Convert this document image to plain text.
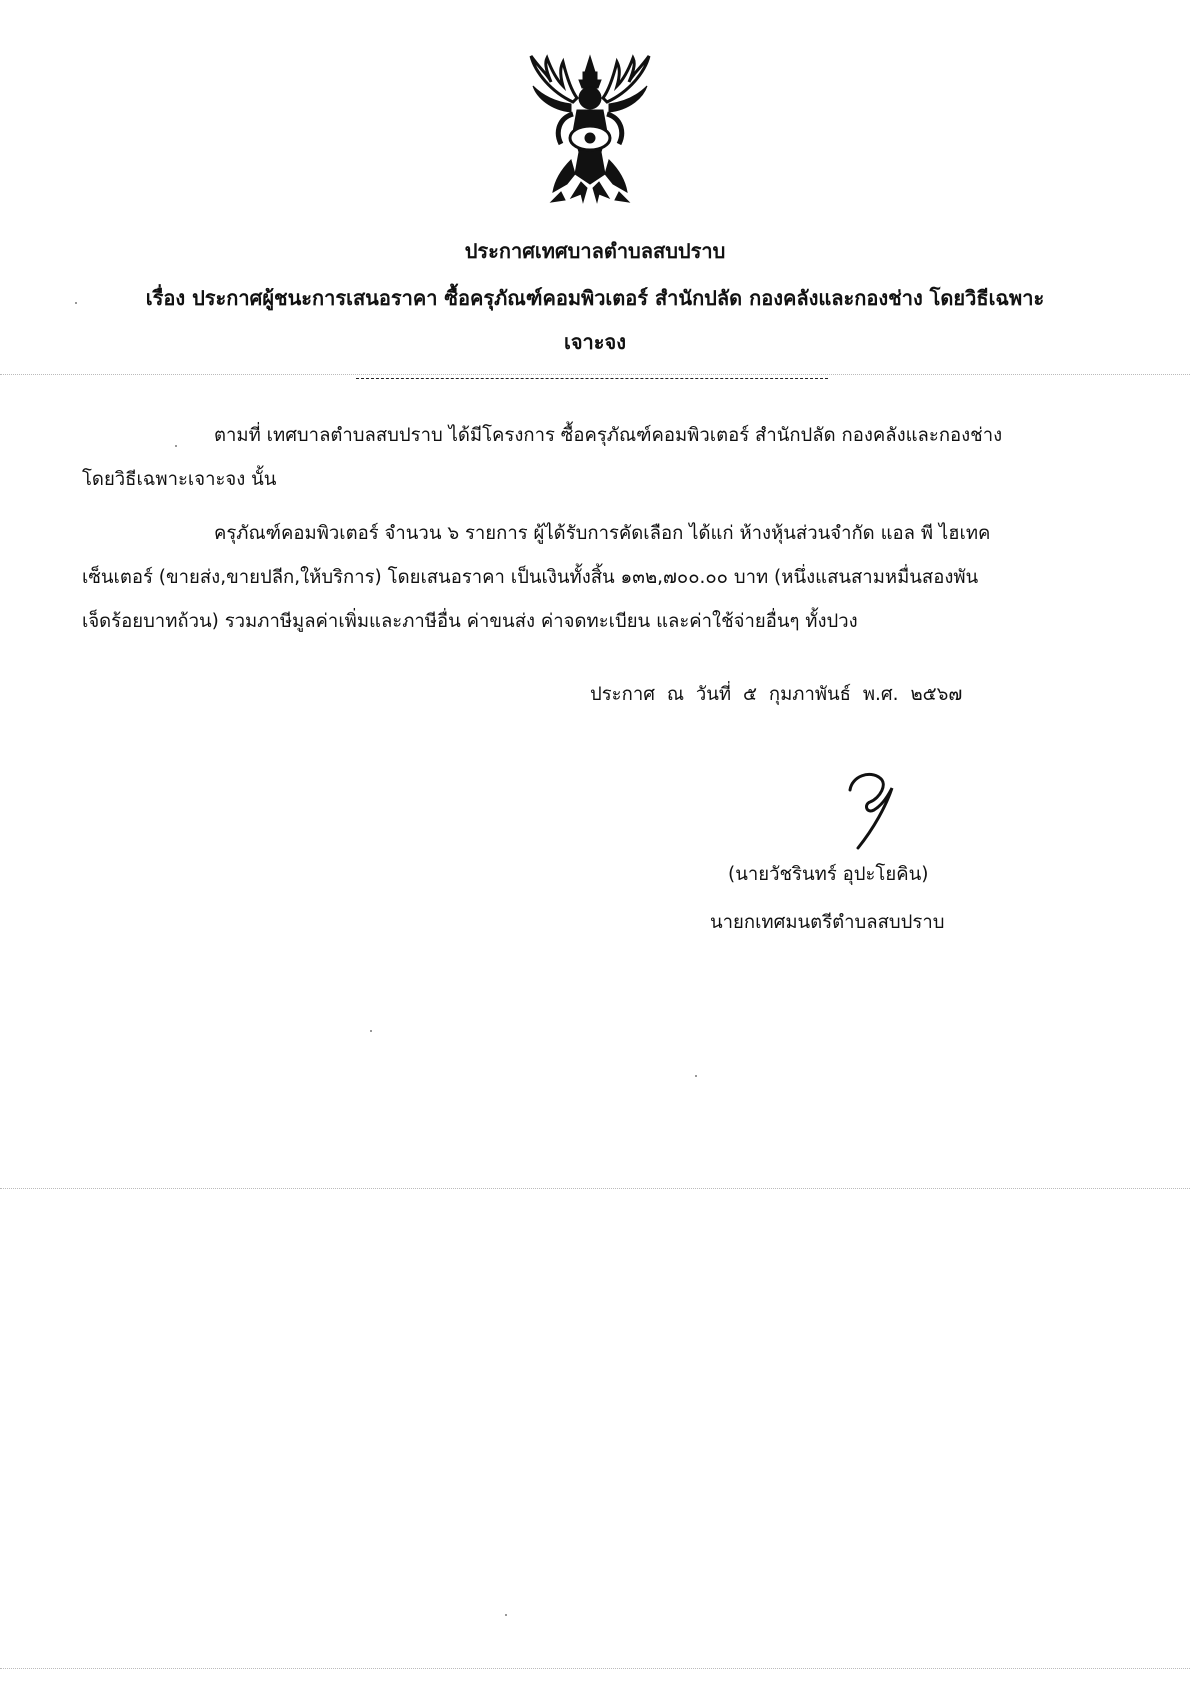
ประกาศเทศบาลตำบลสบปราบ
เรื่อง ประกาศผู้ชนะการเสนอราคา ซื้อครุภัณฑ์คอมพิวเตอร์ สำนักปลัด กองคลังและกองช่าง โดยวิธีเฉพาะ
เจาะจง
ตามที่ เทศบาลตำบลสบปราบ ได้มีโครงการ ซื้อครุภัณฑ์คอมพิวเตอร์ สำนักปลัด กองคลังและกองช่าง
โดยวิธีเฉพาะเจาะจง นั้น
ครุภัณฑ์คอมพิวเตอร์ จำนวน ๖ รายการ ผู้ได้รับการคัดเลือก ได้แก่ ห้างหุ้นส่วนจำกัด แอล พี ไฮเทค
เซ็นเตอร์ (ขายส่ง,ขายปลีก,ให้บริการ) โดยเสนอราคา เป็นเงินทั้งสิ้น ๑๓๒,๗๐๐.๐๐ บาท (หนึ่งแสนสามหมื่นสองพัน
เจ็ดร้อยบาทถ้วน) รวมภาษีมูลค่าเพิ่มและภาษีอื่น ค่าขนส่ง ค่าจดทะเบียน และค่าใช้จ่ายอื่นๆ ทั้งปวง
ประกาศ ณ วันที่ ๕ กุมภาพันธ์ พ.ศ. ๒๕๖๗
(นายวัชรินทร์ อุปะโยคิน)
นายกเทศมนตรีตำบลสบปราบ
